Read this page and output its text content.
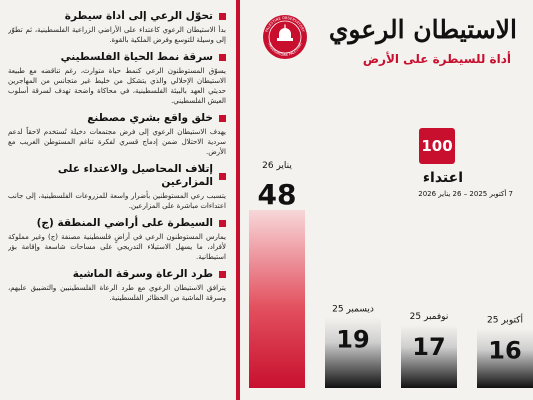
16
أكتوبر 25
17
نوفمبر 25
19
ديسمبر 25
48
يناير 26
تحوّل الرعي إلى أداة سيطرة
بدأ الاستيطان الرعوي كاعتداء على الأراضي الزراعية الفلسطينية، ثم تطوّر إلى وسيلة للتوسع وفرض الملكية بالقوة.
سرقة نمط الحياة الفلسطيني
يسوّق المستوطنون الرعي كنمط حياة متوارث، رغم تناقضه مع طبيعة الاستيطان الإحلالي والذي يتشكل من خليط غير متجانس من المهاجرين حديثي العهد بالبيئة الفلسطينية، في محاكاة واضحة تهدف لسرقة أسلوب العيش الفلسطيني.
خلق واقع بشري مصطنع
يهدف الاستيطان الرعوي إلى فرض مجتمعات دخيلة تُستخدم لاحقاً لدعم سردية الاحتلال ضمن إدماج قسري لفكرة تناغم المستوطن الغريب مع الأرض.
إتلاف المحاصيل والاعتداء على المزارعين
يتسبب رعي المستوطنين بأضرار واسعة للمزروعات الفلسطينية، إلى جانب اعتداءات مباشرة على المزارعين.
السيطرة على أراضي المنطقة (ج)
يمارس المستوطنون الرعي في أراضٍ فلسطينية مصنفة (ج) وغير مملوكة لأفراد، ما يسهل الاستيلاء التدريجي على مساحات شاسعة وإقامة بؤر استيطانية.
طرد الرعاة وسرقة الماشية
يترافق الاستيطان الرعوي مع طرد الرعاة الفلسطينيين والتضييق عليهم، وسرقة الماشية من الحظائر الفلسطينية.
PALESTINE OBSERVATORY
OBSERVATOIRE PALESTINE الاستيطان الرعوي
أداة للسيطرة على الأرض
100
اعتداء
7 أكتوبر 2025 – 26 يناير 2026
